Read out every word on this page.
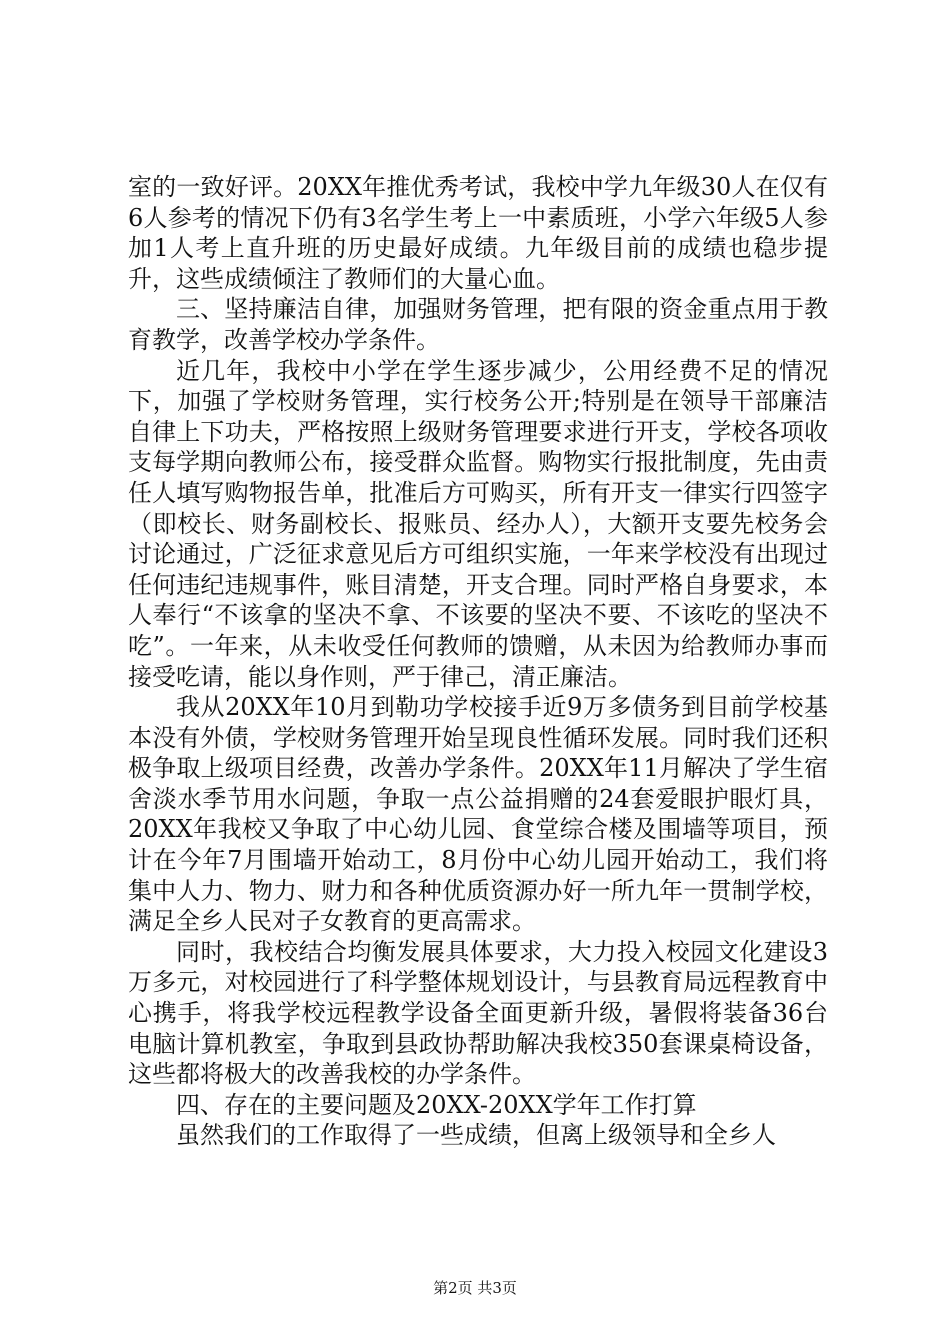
室的一致好评。20XX年推优秀考试，我校中学九年级30人在仅有6人参考的情况下仍有3名学生考上一中素质班，小学六年级5人参加1人考上直升班的历史最好成绩。九年级目前的成绩也稳步提升，这些成绩倾注了教师们的大量心血。

三、坚持廉洁自律，加强财务管理，把有限的资金重点用于教育教学，改善学校办学条件。

近几年，我校中小学在学生逐步减少，公用经费不足的情况下，加强了学校财务管理，实行校务公开;特别是在领导干部廉洁自律上下功夫，严格按照上级财务管理要求进行开支，学校各项收支每学期向教师公布，接受群众监督。购物实行报批制度，先由责任人填写购物报告单，批准后方可购买，所有开支一律实行四签字（即校长、财务副校长、报账员、经办人），大额开支要先校务会讨论通过，广泛征求意见后方可组织实施，一年来学校没有出现过任何违纪违规事件，账目清楚，开支合理。同时严格自身要求，本人奉行“不该拿的坚决不拿、不该要的坚决不要、不该吃的坚决不吃”。一年来，从未收受任何教师的馈赠，从未因为给教师办事而接受吃请，能以身作则，严于律己，清正廉洁。

我从20XX年10月到勒功学校接手近9万多债务到目前学校基本没有外债，学校财务管理开始呈现良性循环发展。同时我们还积极争取上级项目经费，改善办学条件。20XX年11月解决了学生宿舍淡水季节用水问题，争取一点公益捐赠的24套爱眼护眼灯具，20XX年我校又争取了中心幼儿园、食堂综合楼及围墙等项目，预计在今年7月围墙开始动工，8月份中心幼儿园开始动工，我们将集中人力、物力、财力和各种优质资源办好一所九年一贯制学校，满足全乡人民对子女教育的更高需求。

同时，我校结合均衡发展具体要求，大力投入校园文化建设3万多元，对校园进行了科学整体规划设计，与县教育局远程教育中心携手，将我学校远程教学设备全面更新升级，暑假将装备36台电脑计算机教室，争取到县政协帮助解决我校350套课桌椅设备，这些都将极大的改善我校的办学条件。

四、存在的主要问题及20XX-20XX学年工作打算

虽然我们的工作取得了一些成绩，但离上级领导和全乡人

第2页 共3页
